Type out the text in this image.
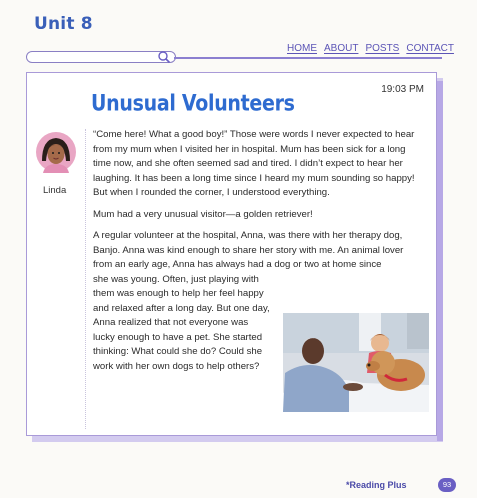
Unit 8
HOME ABOUT POSTS CONTACT
19:03 PM
Unusual Volunteers
Linda

“Come here! What a good boy!” Those were words I never expected to hear from my mum when I visited her in hospital. Mum has been sick for a long time now, and she often seemed sad and tired. I didn’t expect to hear her laughing. It has been a long time since I heard my mum sounding so happy! But when I rounded the corner, I understood everything.

Mum had a very unusual visitor—a golden retriever!

A regular volunteer at the hospital, Anna, was there with her therapy dog, Banjo. Anna was kind enough to share her story with me. An animal lover from an early age, Anna has always had a dog or two at home since

she was young. Often, just playing with them was enough to help her feel happy and relaxed after a long day. But one day, Anna realized that not everyone was lucky enough to have a pet. She started thinking: What could she do? Could she work with her own dogs to help others?

*Reading Plus	93
